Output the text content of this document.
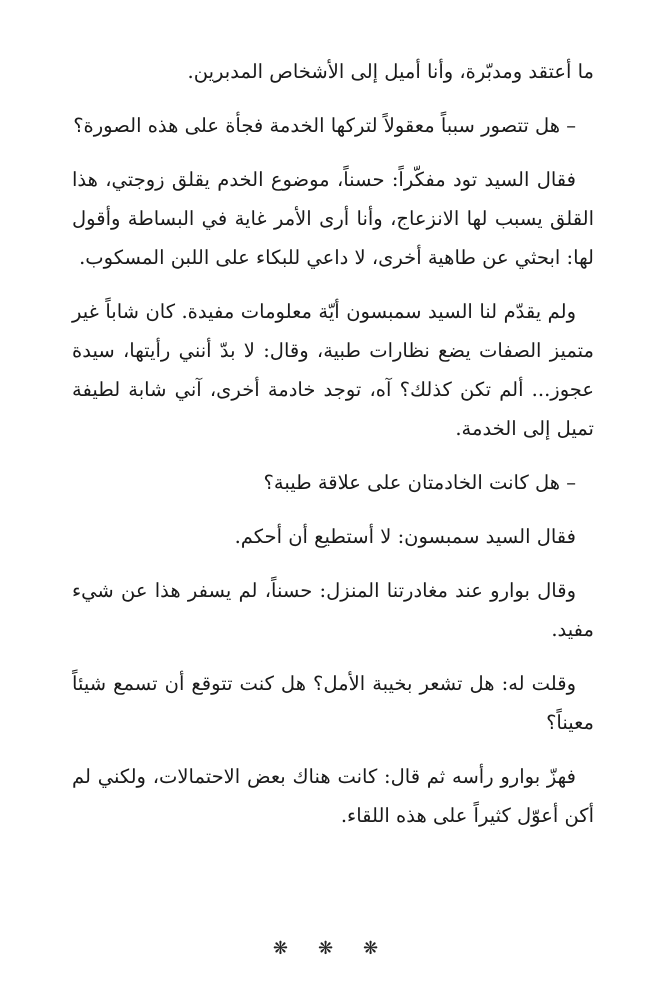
ما أعتقد ومدبّرة، وأنا أميل إلى الأشخاص المدبرين.

– هل تتصور سبباً معقولاً لتركها الخدمة فجأة على هذه الصورة؟

فقال السيد تود مفكّراً: حسناً، موضوع الخدم يقلق زوجتي، هذا القلق يسبب لها الانزعاج، وأنا أرى الأمر غاية في البساطة وأقول لها: ابحثي عن طاهية أخرى، لا داعي للبكاء على اللبن المسكوب.

ولم يقدّم لنا السيد سمبسون أيّة معلومات مفيدة. كان شاباً غير متميز الصفات يضع نظارات طبية، وقال: لا بدّ أنني رأيتها، سيدة عجوز... ألم تكن كذلك؟ آه، توجد خادمة أخرى، آني شابة لطيفة تميل إلى الخدمة.

– هل كانت الخادمتان على علاقة طيبة؟

فقال السيد سمبسون: لا أستطيع أن أحكم.

وقال بوارو عند مغادرتنا المنزل: حسناً، لم يسفر هذا عن شيء مفيد.

وقلت له: هل تشعر بخيبة الأمل؟ هل كنت تتوقع أن تسمع شيئاً معيناً؟

فهزّ بوارو رأسه ثم قال: كانت هناك بعض الاحتمالات، ولكني لم أكن أعوّل كثيراً على هذه اللقاء.

❋ ❋ ❋
